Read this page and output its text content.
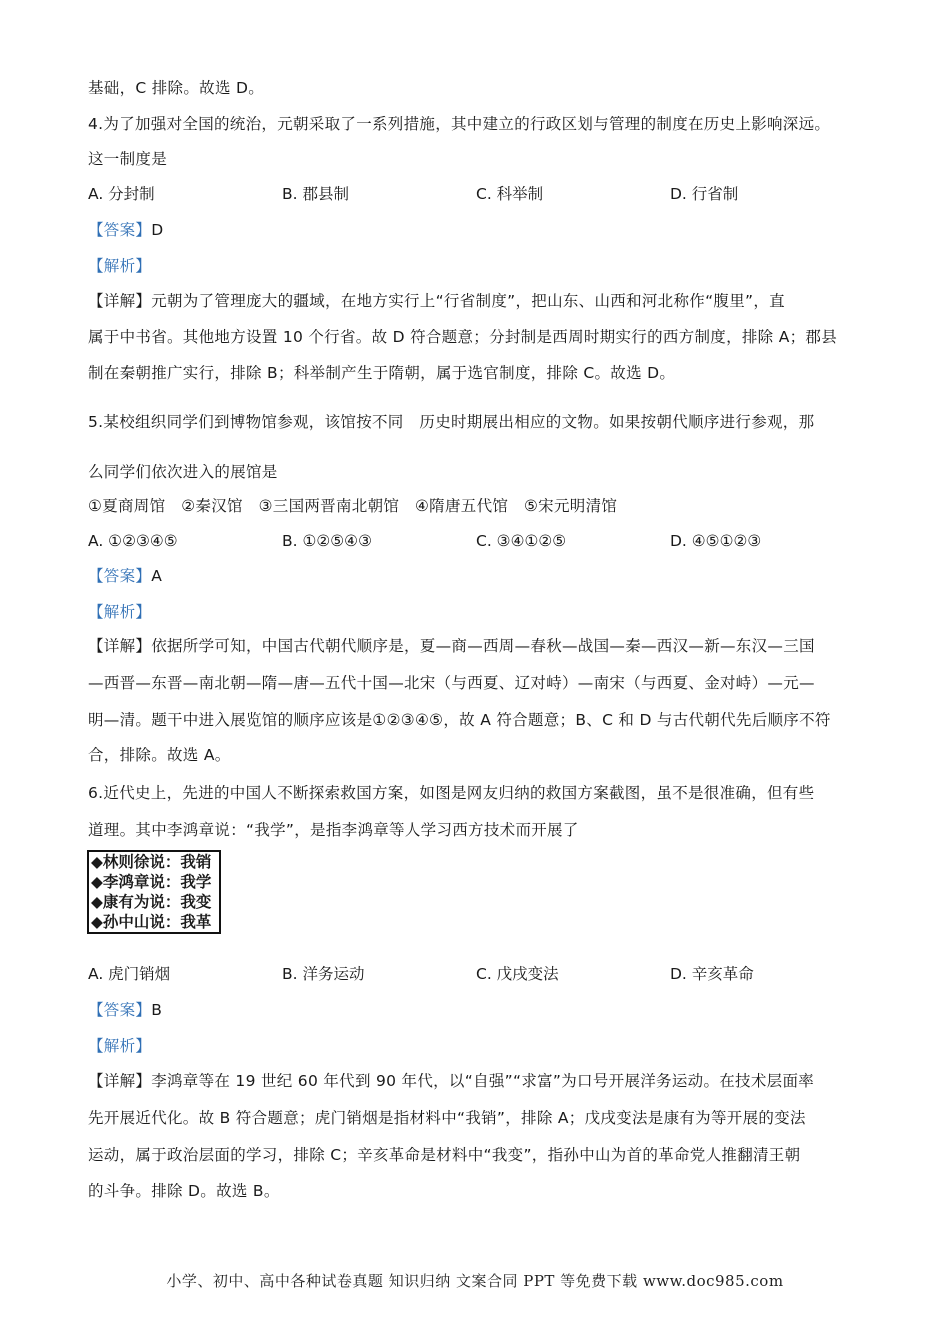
基础，C 排除。故选 D。
4.为了加强对全国的统治，元朝采取了一系列措施，其中建立的行政区划与管理的制度在历史上影响深远。
这一制度是
A. 分封制	B. 郡县制	C. 科举制	D. 行省制
【答案】D
【解析】
【详解】元朝为了管理庞大的疆域，在地方实行上“行省制度”，把山东、山西和河北称作“腹里”，直
属于中书省。其他地方设置 10 个行省。故 D 符合题意；分封制是西周时期实行的西方制度，排除 A；郡县
制在秦朝推广实行，排除 B；科举制产生于隋朝，属于选官制度，排除 C。故选 D。
5.某校组织同学们到博物馆参观，该馆按不同　历史时期展出相应的文物。如果按朝代顺序进行参观，那
么同学们依次进入的展馆是
①夏商周馆　②秦汉馆　③三国两晋南北朝馆　④隋唐五代馆　⑤宋元明清馆
A. ①②③④⑤	B. ①②⑤④③	C. ③④①②⑤	D. ④⑤①②③
【答案】A
【解析】
【详解】依据所学可知，中国古代朝代顺序是，夏—商—西周—春秋—战国—秦—西汉—新—东汉—三国
—西晋—东晋—南北朝—隋—唐—五代十国—北宋（与西夏、辽对峙）—南宋（与西夏、金对峙）—元—
明—清。题干中进入展览馆的顺序应该是①②③④⑤，故 A 符合题意；B、C 和 D 与古代朝代先后顺序不符
合，排除。故选 A。
6.近代史上，先进的中国人不断探索救国方案，如图是网友归纳的救国方案截图，虽不是很准确，但有些
道理。其中李鸿章说：“我学”，是指李鸿章等人学习西方技术而开展了
◆林则徐说：我销
◆李鸿章说：我学
◆康有为说：我变
◆孙中山说：我革
A. 虎门销烟	B. 洋务运动	C. 戊戌变法	D. 辛亥革命
【答案】B
【解析】
【详解】李鸿章等在 19 世纪 60 年代到 90 年代，以“自强”“求富”为口号开展洋务运动。在技术层面率
先开展近代化。故 B 符合题意；虎门销烟是指材料中“我销”，排除 A；戊戌变法是康有为等开展的变法
运动，属于政治层面的学习，排除 C；辛亥革命是材料中“我变”，指孙中山为首的革命党人推翻清王朝
的斗争。排除 D。故选 B。
小学、初中、高中各种试卷真题 知识归纳 文案合同 PPT 等免费下载 www.doc985.com
